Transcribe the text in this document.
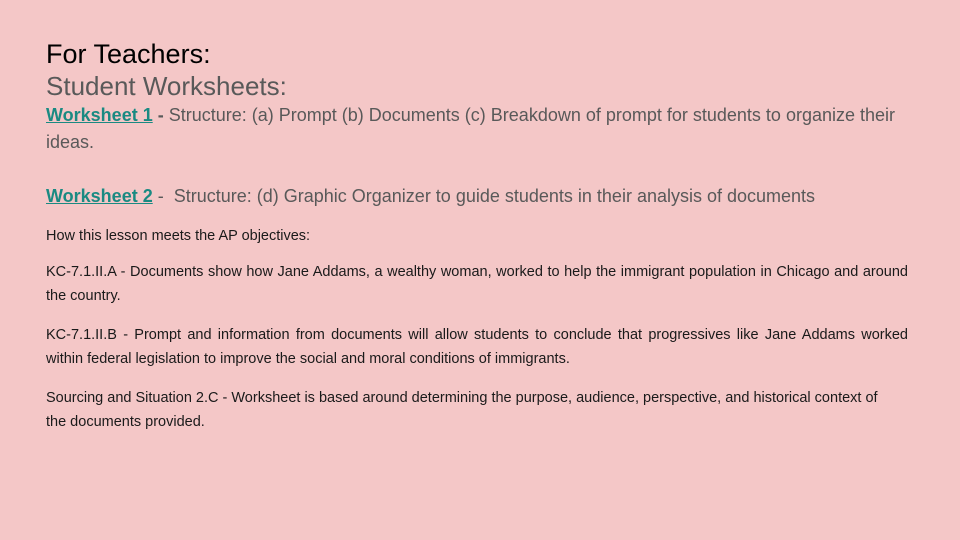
For Teachers:

Student Worksheets:

Worksheet 1 - Structure: (a) Prompt (b) Documents (c) Breakdown of prompt for students to organize their ideas.

Worksheet 2 -  Structure: (d) Graphic Organizer to guide students in their analysis of documents

How this lesson meets the AP objectives:

KC-7.1.II.A - Documents show how Jane Addams, a wealthy woman, worked to help the immigrant population in Chicago and around the country.

KC-7.1.II.B - Prompt and information from documents will allow students to conclude that progressives like Jane Addams worked within federal legislation to improve the social and moral conditions of immigrants.

Sourcing and Situation 2.C - Worksheet is based around determining the purpose, audience, perspective, and historical context of the documents provided.
